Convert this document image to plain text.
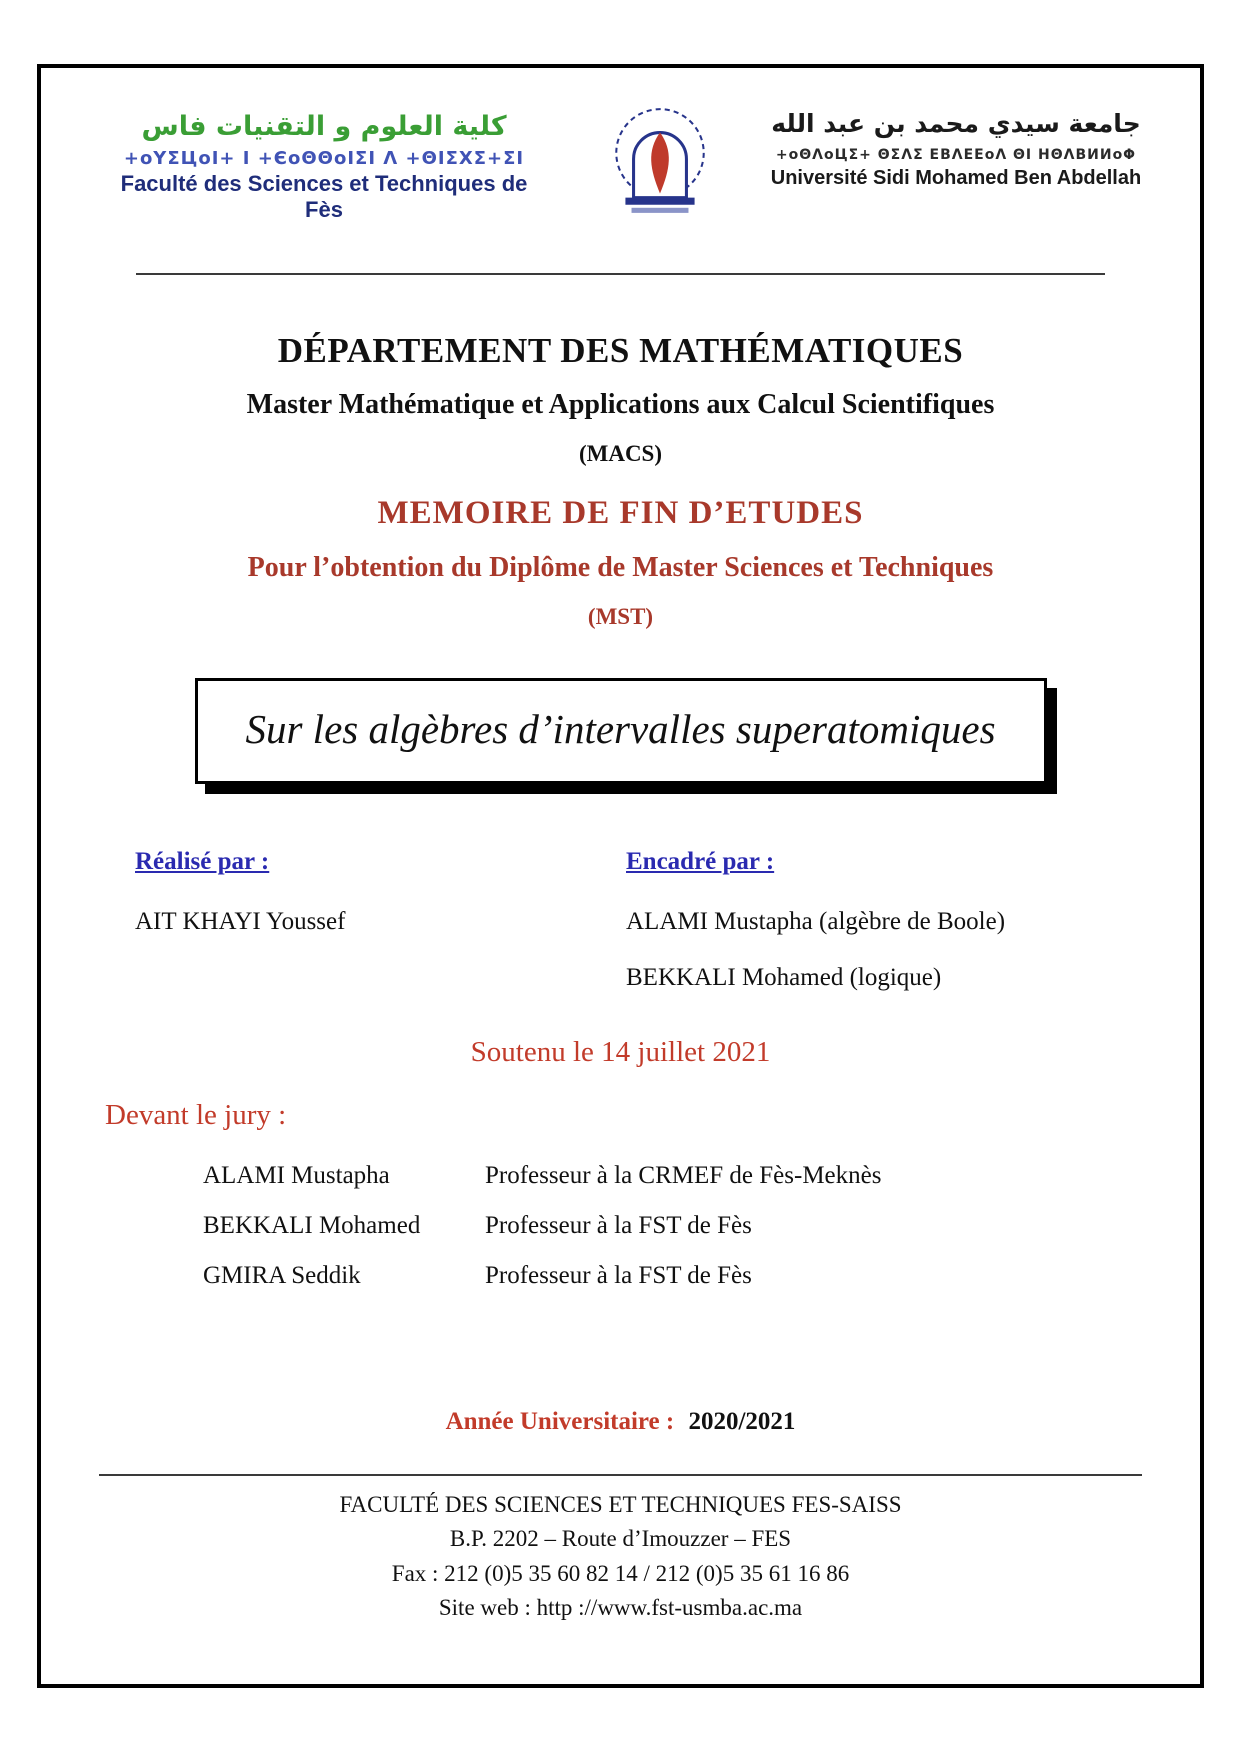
كلية العلوم و التقنيات فاس
+oYΣЦoI+ I +ЄoΘΘoIΣI Λ +ΘIΣΧΣ+ΣI
Faculté des Sciences et Techniques de Fès
جامعة سيدي محمد بن عبد الله
+oΘΛoЦΣ+ ΘΣΛΣ ΕΒΛΕΕoΛ ΘΙ ΗΘΛΒИИoΦ
Université Sidi Mohamed Ben Abdellah
DÉPARTEMENT DES MATHÉMATIQUES
Master Mathématique et Applications aux Calcul Scientifiques
(MACS)
MEMOIRE DE FIN D’ETUDES
Pour l’obtention du Diplôme de Master Sciences et Techniques
(MST)
Sur les algèbres d’intervalles superatomiques
Réalisé par :
AIT KHAYI Youssef
Encadré par :
ALAMI Mustapha (algèbre de Boole)
BEKKALI Mohamed (logique)
Soutenu le 14 juillet 2021
Devant le jury :
ALAMI Mustapha	Professeur à la CRMEF de Fès-Meknès
BEKKALI Mohamed	Professeur à la FST de Fès
GMIRA Seddik	Professeur à la FST de Fès
Année Universitaire : 2020/2021
FACULTÉ DES SCIENCES ET TECHNIQUES FES-SAISS
B.P. 2202 – Route d’Imouzzer – FES
Fax : 212 (0)5 35 60 82 14 / 212 (0)5 35 61 16 86
Site web : http ://www.fst-usmba.ac.ma
